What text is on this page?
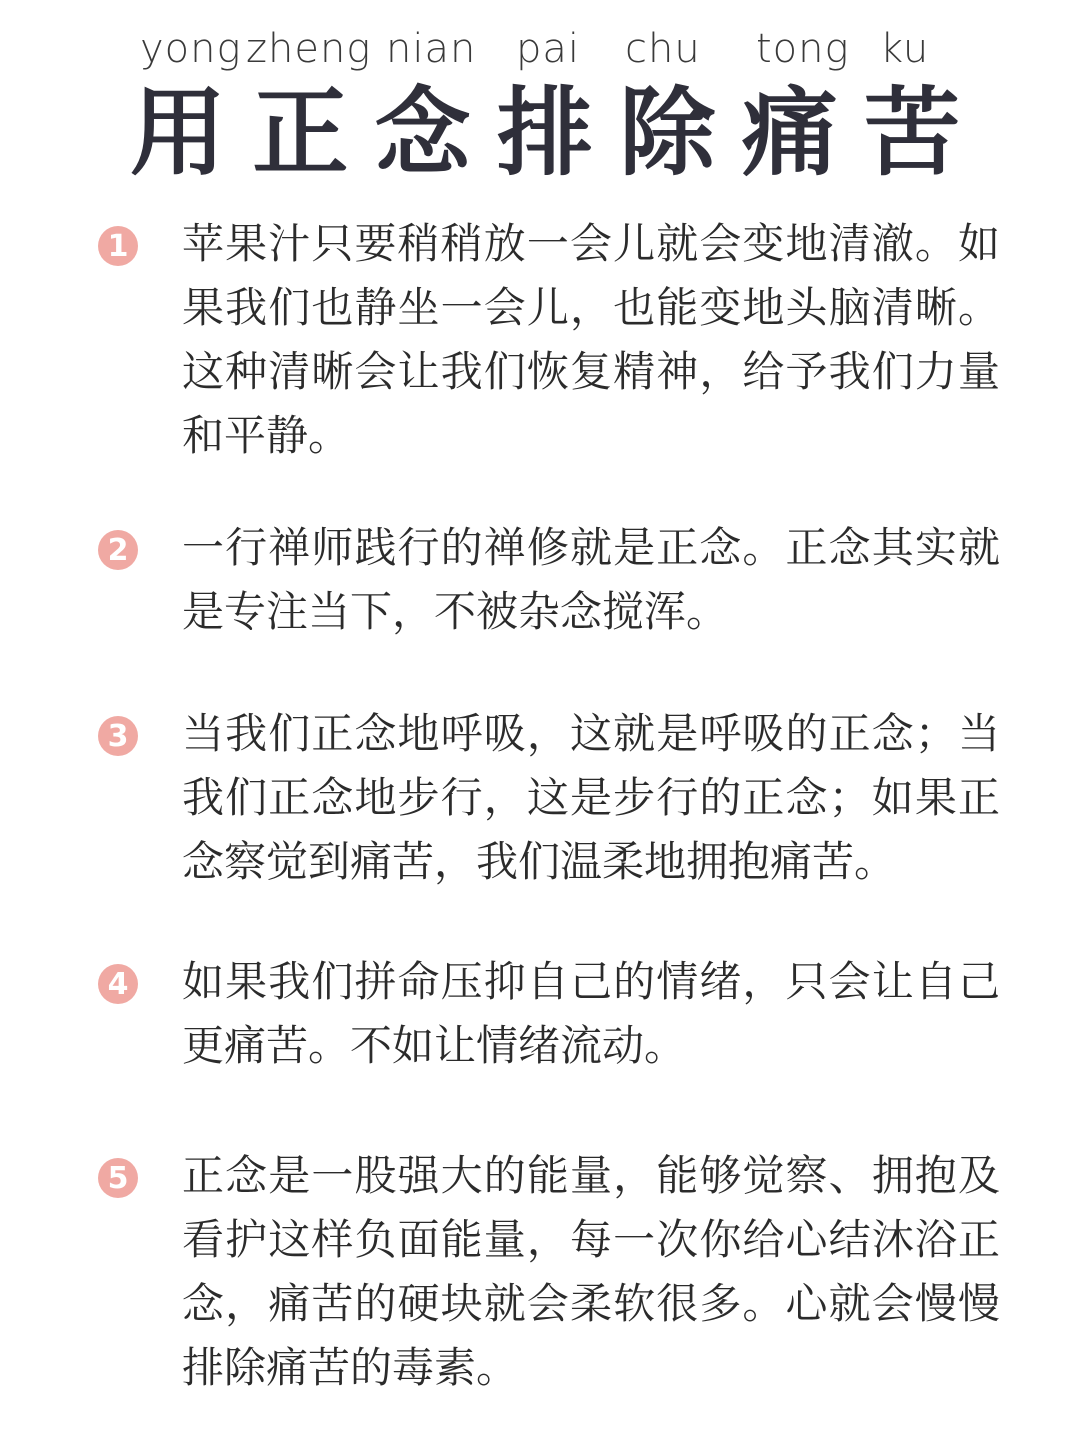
yong zheng nian pai chu tong ku
用 正 念 排 除 痛 苦
1 苹果汁只要稍稍放一会儿就会变地清澈。如果我们也静坐一会儿，也能变地头脑清晰。这种清晰会让我们恢复精神，给予我们力量和平静。
2 一行禅师践行的禅修就是正念。正念其实就是专注当下，不被杂念搅浑。
3 当我们正念地呼吸，这就是呼吸的正念；当我们正念地步行，这是步行的正念；如果正念察觉到痛苦，我们温柔地拥抱痛苦。
4 如果我们拼命压抑自己的情绪，只会让自己更痛苦。不如让情绪流动。
5 正念是一股强大的能量，能够觉察、拥抱及看护这样负面能量，每一次你给心结沐浴正念，痛苦的硬块就会柔软很多。心就会慢慢排除痛苦的毒素。
